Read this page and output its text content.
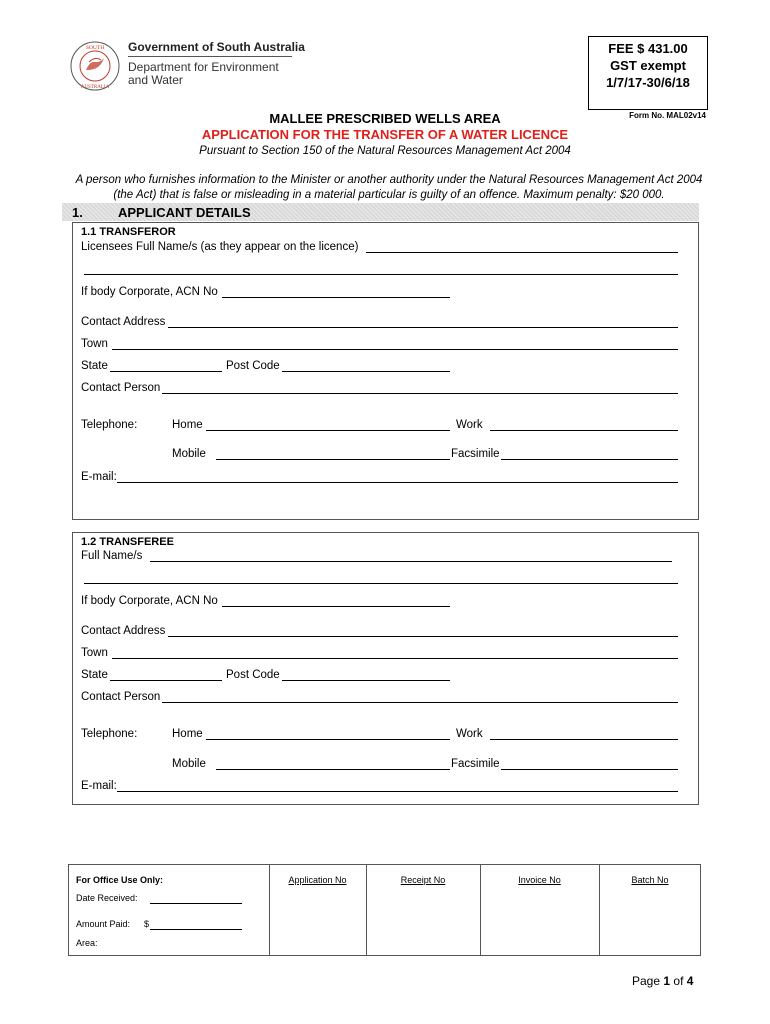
SOUTH
AUSTRALIA
Government of South Australia
Department for Environment
and Water
FEE $ 431.00
GST exempt
1/7/17-30/6/18
Form No. MAL02v14
MALLEE PRESCRIBED WELLS AREA
APPLICATION FOR THE TRANSFER OF A WATER LICENCE
Pursuant to Section 150 of the Natural Resources Management Act 2004
A person who furnishes information to the Minister or another authority under the Natural Resources Management Act 2004 (the Act) that is false or misleading in a material particular is guilty of an offence. Maximum penalty: $20 000.
1.	APPLICANT DETAILS
1.1 TRANSFEROR
Licensees Full Name/s (as they appear on the licence)
If body Corporate, ACN No
Contact Address
Town
State	Post Code
Contact Person
Telephone:	Home	Work
Mobile	Facsimile
E-mail:
1.2 TRANSFEREE
Full Name/s
If body Corporate, ACN No
Contact Address
Town
State	Post Code
Contact Person
Telephone:	Home	Work
Mobile	Facsimile
E-mail:
For Office Use Only:
Date Received:
Amount Paid: $
Area:
Application No	Receipt No	Invoice No	Batch No
Page 1 of 4
